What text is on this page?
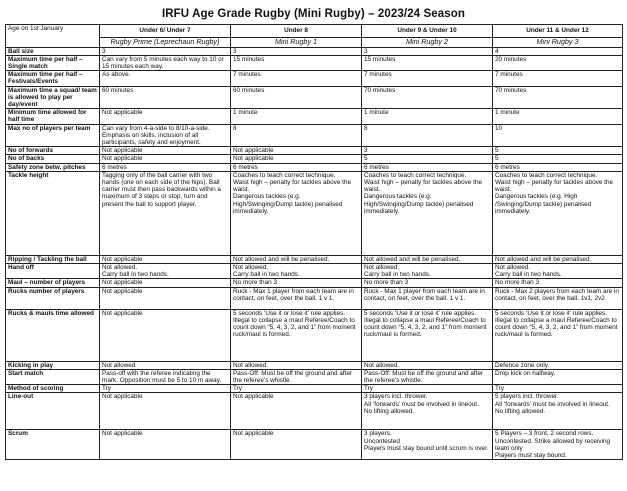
IRFU Age Grade Rugby (Mini Rugby) – 2023/24 Season
Age on 1st January	Under 6/ Under 7	Under 8	Under 9 & Under 10	Under 11 & Under 12
	Rugby Prime (Leprechaun Rugby)	Mini Rugby 1	Mini Rugby 2	Mini Rugby 3
Ball size	3	3	3	4
Maximum time per half – Single match	Can vary from 5 minutes each way to 10 or 15 minutes each way.	15 minutes	15 minutes	20 minutes
Maximum time per half – Festivals/Events	As above.	7 minutes	7 minutes	7 minutes
Maximum time a squad/ team is allowed to play per day/event	60 minutes	60 minutes	70 minutes	70 minutes
Minimum time allowed for half time	Not applicable	1 minute	1 minute	1 minute
Max no of players per team	Can vary from 4-a-side to 8/10-a-side. Emphasis on skills, inclusion of all participants, safety and enjoyment.	8	8	10
No of forwards	Not applicable	Not applicable	3	5
No of backs	Not applicable	Not applicable	5	5
Safety zone betw. pitches	6 metres	6 metres	6 metres	6 metres
Tackle height	Tagging only of the ball carrier with two hands (one on each side of the hips). Ball carrier must then pass backwards within a maximum of 3 steps or stop, turn and present the ball to support player.	Coaches to teach correct technique.
Waist high – penalty for tackles above the waist.
Dangerous tackles (e.g. High/Swinging/Dump tackle) penalised immediately.	Coaches to teach correct technique.
Waist high – penalty for tackles above the waist.
Dangerous tackles (e.g. High/Swinging/Dump tackle) penalised immediately.	Coaches to teach correct technique.
Waist high – penalty for tackles above the waist.
Dangerous tackles (e.g. High /Swinging/Dump tackle) penalised immediately.
Ripping / Tackling the ball	Not applicable	Not allowed and will be penalised.	Not allowed and will be penalised.	Not allowed and will be penalised.
Hand off	Not allowed.
Carry ball in two hands.	Not allowed.
Carry ball in two hands.	Not allowed.
Carry ball in two hands.	Not allowed.
Carry ball in two hands.
Maul – number of players	Not applicable	No more than 3	No more than 3	No more than 3
Rucks number of players	Not applicable	Ruck - Max 1 player from each team are in contact, on feet, over the ball. 1 v 1.	Ruck - Max 1 player from each team are in contact, on feet, over the ball. 1 v 1.	Ruck - Max 2 players from each team are in contact, on feet, over the ball. 1v1, 2v2
Rucks & mauls time allowed	Not applicable	5 seconds ‘Use it or lose it’ rule applies. Illegal to collapse a maul Referee/Coach to count down “5, 4, 3, 2, and 1” from moment ruck/maul is formed.	5 seconds ‘Use it or lose it’ rule applies. Illegal to collapse a maul Referee/Coach to count down “5, 4, 3, 2, and 1” from moment ruck/maul is formed.	5 seconds ‘Use it or lose it’ rule applies. Illegal to collapse a maul Referee/Coach to count down “5, 4, 3, 2, and 1” from moment ruck/maul is formed.
Kicking in play	Not allowed	Not allowed.	Not allowed.	Defence zone only.
Start match	Pass-off with the referee indicating the mark. Opposition must be 5 to 10 m away.	Pass-Off: Must be off the ground and after the referee’s whistle.	Pass-Off: Must be off the ground and after the referee’s whistle.	Drop kick on halfway.
Method of scoring	Try	Try	Try	Try
Line-out	Not applicable	Not applicable	3 players incl. thrower.
All ‘forwards’ must be involved in lineout.
No lifting allowed.	5 players incl. thrower.
All ‘forwards’ must be involved in lineout.
No lifting allowed.
Scrum	Not applicable	Not applicable	3 players.
Uncontested
Players must stay bound until scrum is over.	5 Players – 3 front, 2 second rows.
Uncontested. Strike allowed by receiving team only
Players must stay bound.
